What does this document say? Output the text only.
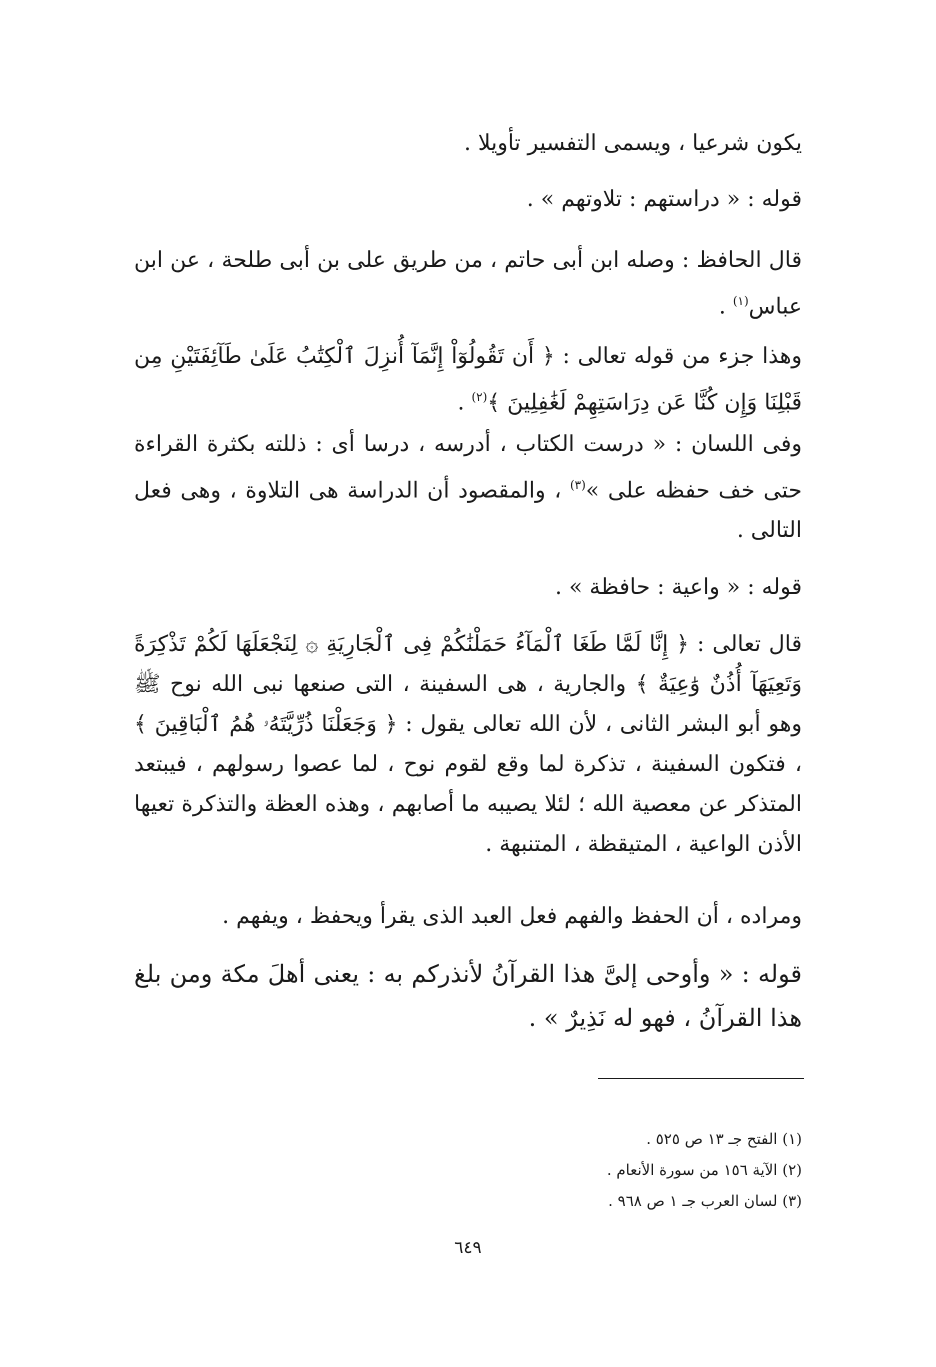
يكون شرعيا ، ويسمى التفسير تأويلا .
قوله : « دراستهم : تلاوتهم » .
قال الحافظ : وصله ابن أبى حاتم ، من طريق على بن أبى طلحة ، عن ابن عباس$^{(١)}$ .
وهذا جزء من قوله تعالى : ﴿ أَن تَقُولُوٓاْ إِنَّمَآ أُنزِلَ ٱلْكِتَٰبُ عَلَىٰ طَآئِفَتَيْنِ مِن قَبْلِنَا وَإِن كُنَّا عَن دِرَاسَتِهِمْ لَغَٰفِلِينَ ﴾$^{(٢)}$ .
وفى اللسان : « درست الكتاب ، أدرسه ، درسا أى : ذللته بكثرة القراءة حتى خف حفظه على »$^{(٣)}$ ، والمقصود أن الدراسة هى التلاوة ، وهى فعل التالى .
قوله : « واعية : حافظة » .
قال تعالى : ﴿ إِنَّا لَمَّا طَغَا ٱلْمَآءُ حَمَلْنَٰكُمْ فِى ٱلْجَارِيَةِ ۞ لِنَجْعَلَهَا لَكُمْ تَذْكِرَةً وَتَعِيَهَآ أُذُنٌ وَٰعِيَةٌ ﴾ والجارية ، هى السفينة ، التى صنعها نبى الله نوح ﷺ وهو أبو البشر الثانى ، لأن الله تعالى يقول : ﴿ وَجَعَلْنَا ذُرِّيَّتَهُۥ هُمُ ٱلْبَاقِينَ ﴾ ، فتكون السفينة ، تذكرة لما وقع لقوم نوح ، لما عصوا رسولهم ، فيبتعد المتذكر عن معصية الله ؛ لئلا يصيبه ما أصابهم ، وهذه العظة والتذكرة تعيها الأذن الواعية ، المتيقظة ، المتنبهة .
ومراده ، أن الحفظ والفهم فعل العبد الذى يقرأ ويحفظ ، ويفهم .
قوله : « وأوحى إلىَّ هذا القرآنُ لأنذركم به : يعنى أهلَ مكة ومن بلغ هذا القرآنُ ، فهو له نَذِيرٌ » .
(١) الفتح جـ ١٣ ص ٥٢٥ .
(٢) الآية ١٥٦ من سورة الأنعام .
(٣) لسان العرب جـ ١ ص ٩٦٨ .
٦٤٩
